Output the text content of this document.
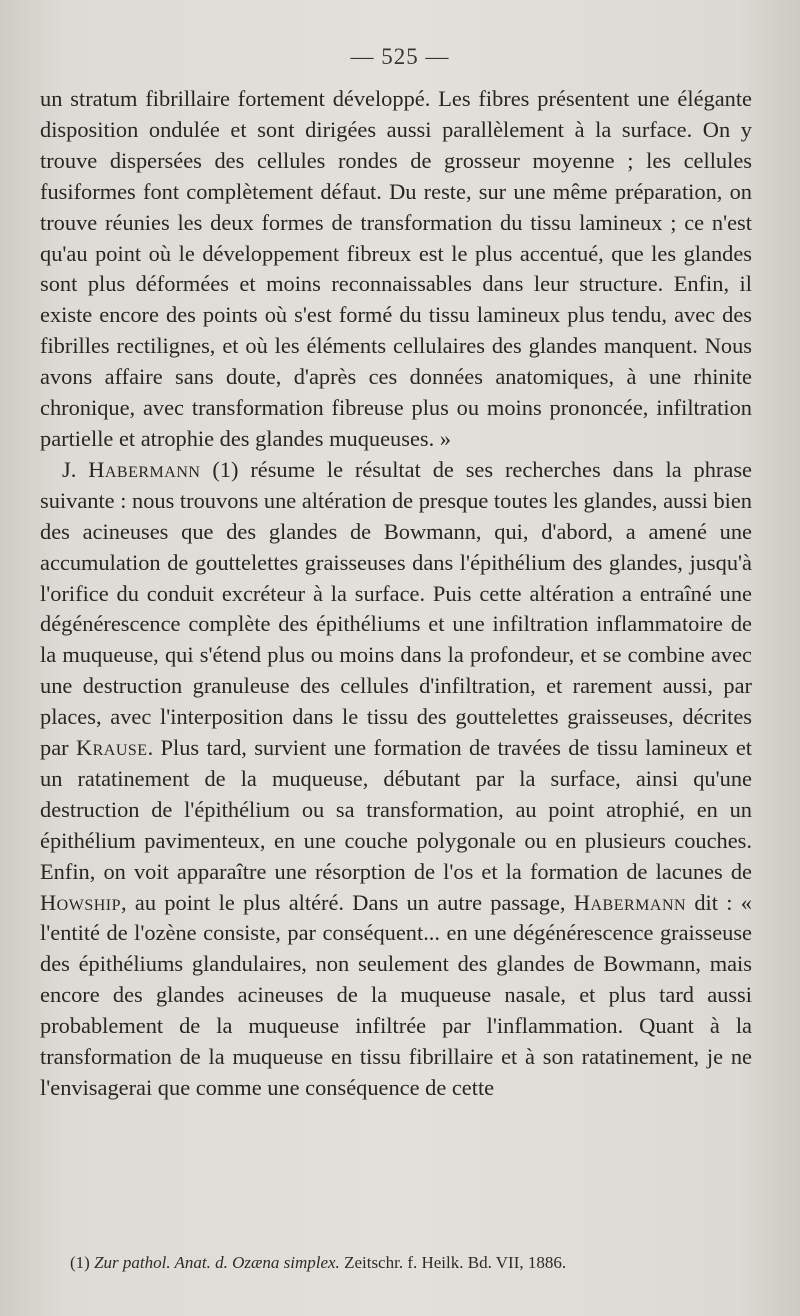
— 525 —

un stratum fibrillaire fortement développé. Les fibres présentent une élégante disposition ondulée et sont dirigées aussi parallèlement à la surface. On y trouve dispersées des cellules rondes de grosseur moyenne ; les cellules fusiformes font complètement défaut. Du reste, sur une même préparation, on trouve réunies les deux formes de transformation du tissu lamineux ; ce n'est qu'au point où le développement fibreux est le plus accentué, que les glandes sont plus déformées et moins reconnaissables dans leur structure. Enfin, il existe encore des points où s'est formé du tissu lamineux plus tendu, avec des fibrilles rectilignes, et où les éléments cellulaires des glandes manquent. Nous avons affaire sans doute, d'après ces données anatomiques, à une rhinite chronique, avec transformation fibreuse plus ou moins prononcée, infiltration partielle et atrophie des glandes muqueuses. »

J. Habermann (1) résume le résultat de ses recherches dans la phrase suivante : nous trouvons une altération de presque toutes les glandes, aussi bien des acineuses que des glandes de Bowmann, qui, d'abord, a amené une accumulation de gouttelettes graisseuses dans l'épithélium des glandes, jusqu'à l'orifice du conduit excréteur à la surface. Puis cette altération a entraîné une dégénérescence complète des épithéliums et une infiltration inflammatoire de la muqueuse, qui s'étend plus ou moins dans la profondeur, et se combine avec une destruction granuleuse des cellules d'infiltration, et rarement aussi, par places, avec l'interposition dans le tissu des gouttelettes graisseuses, décrites par Krause. Plus tard, survient une formation de travées de tissu lamineux et un ratatinement de la muqueuse, débutant par la surface, ainsi qu'une destruction de l'épithélium ou sa transformation, au point atrophié, en un épithélium pavimenteux, en une couche polygonale ou en plusieurs couches. Enfin, on voit apparaître une résorption de l'os et la formation de lacunes de Howship, au point le plus altéré. Dans un autre passage, Habermann dit : « l'entité de l'ozène consiste, par conséquent... en une dégénérescence graisseuse des épithéliums glandulaires, non seulement des glandes de Bowmann, mais encore des glandes acineuses de la muqueuse nasale, et plus tard aussi probablement de la muqueuse infiltrée par l'inflammation. Quant à la transformation de la muqueuse en tissu fibrillaire et à son ratatinement, je ne l'envisagerai que comme une conséquence de cette

(1) Zur pathol. Anat. d. Ozæna simplex. Zeitschr. f. Heilk. Bd. VII, 1886.
